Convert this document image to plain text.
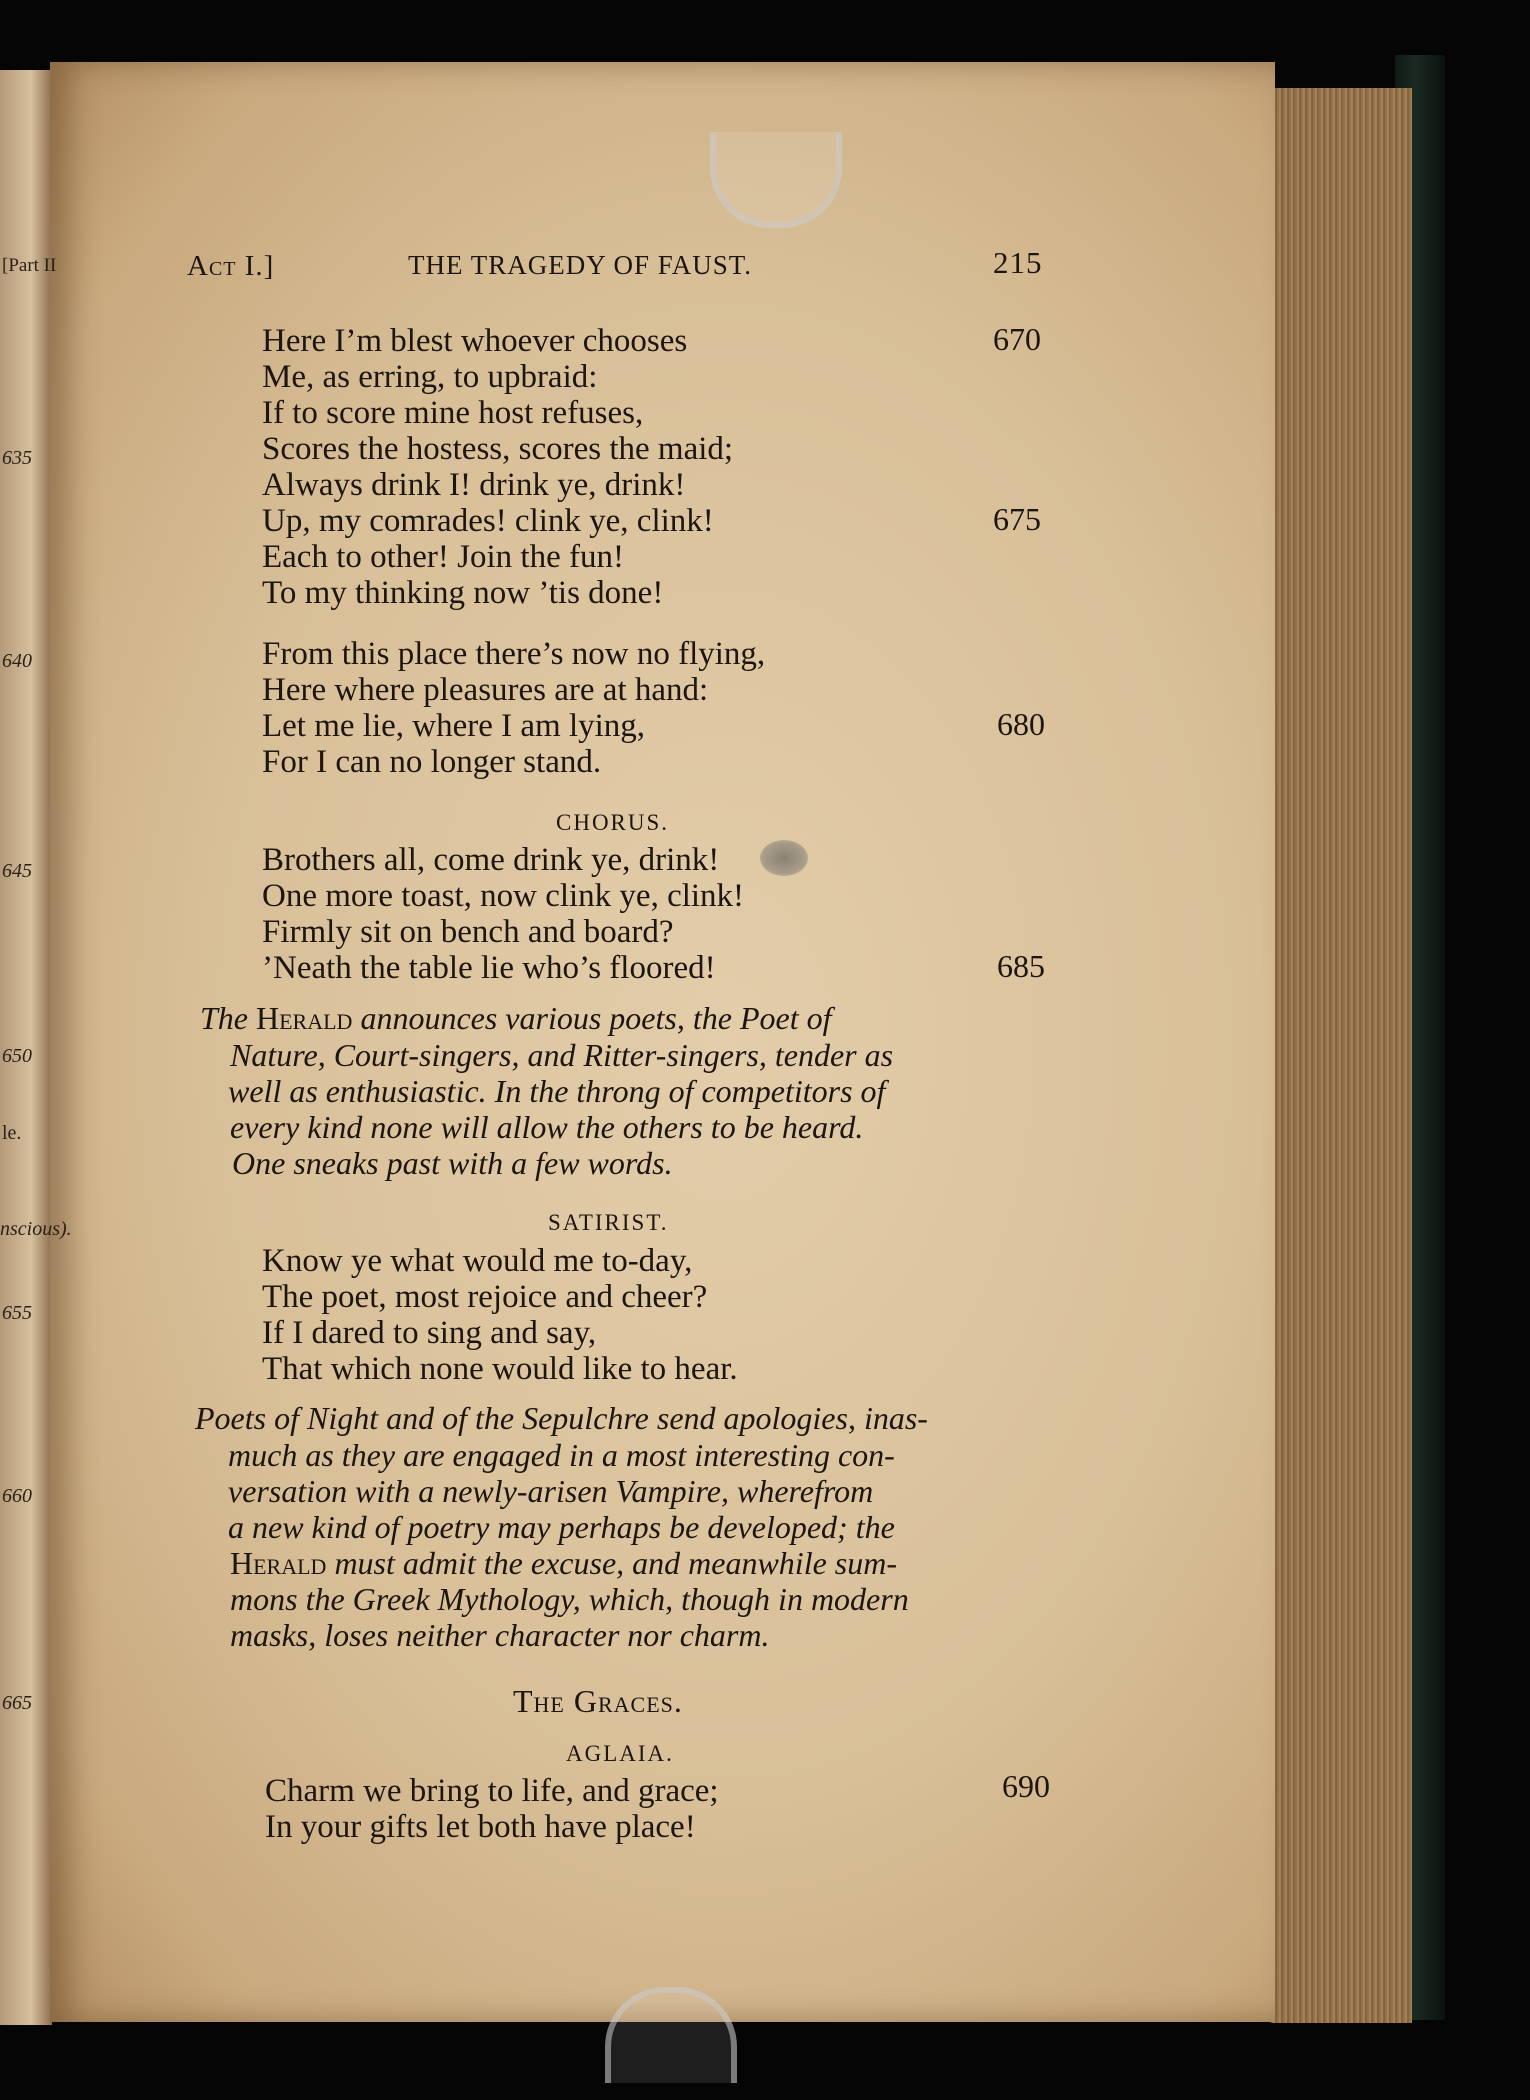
[Part II
635
640
645
650
le.
nscious).
655
660
665
Act I.]	THE TRAGEDY OF FAUST.	215
Here I’m blest whoever chooses
Me, as erring, to upbraid:
If to score mine host refuses,
Scores the hostess, scores the maid;
Always drink I! drink ye, drink!
Up, my comrades! clink ye, clink!
Each to other! Join the fun!
To my thinking now ’tis done!
670
675
From this place there’s now no flying,
Here where pleasures are at hand:
Let me lie, where I am lying,
For I can no longer stand.
680
CHORUS.
Brothers all, come drink ye, drink!
One more toast, now clink ye, clink!
Firmly sit on bench and board?
’Neath the table lie who’s floored!	685
The Herald announces various poets, the Poet of
Nature, Court-singers, and Ritter-singers, tender as
well as enthusiastic. In the throng of competitors of
every kind none will allow the others to be heard.
One sneaks past with a few words.
SATIRIST.
Know ye what would me to-day,
The poet, most rejoice and cheer?
If I dared to sing and say,
That which none would like to hear.
Poets of Night and of the Sepulchre send apologies, inas-
much as they are engaged in a most interesting con-
versation with a newly-arisen Vampire, wherefrom
a new kind of poetry may perhaps be developed; the
Herald must admit the excuse, and meanwhile sum-
mons the Greek Mythology, which, though in modern
masks, loses neither character nor charm.
The Graces.
AGLAIA.
Charm we bring to life, and grace;
In your gifts let both have place!
690
